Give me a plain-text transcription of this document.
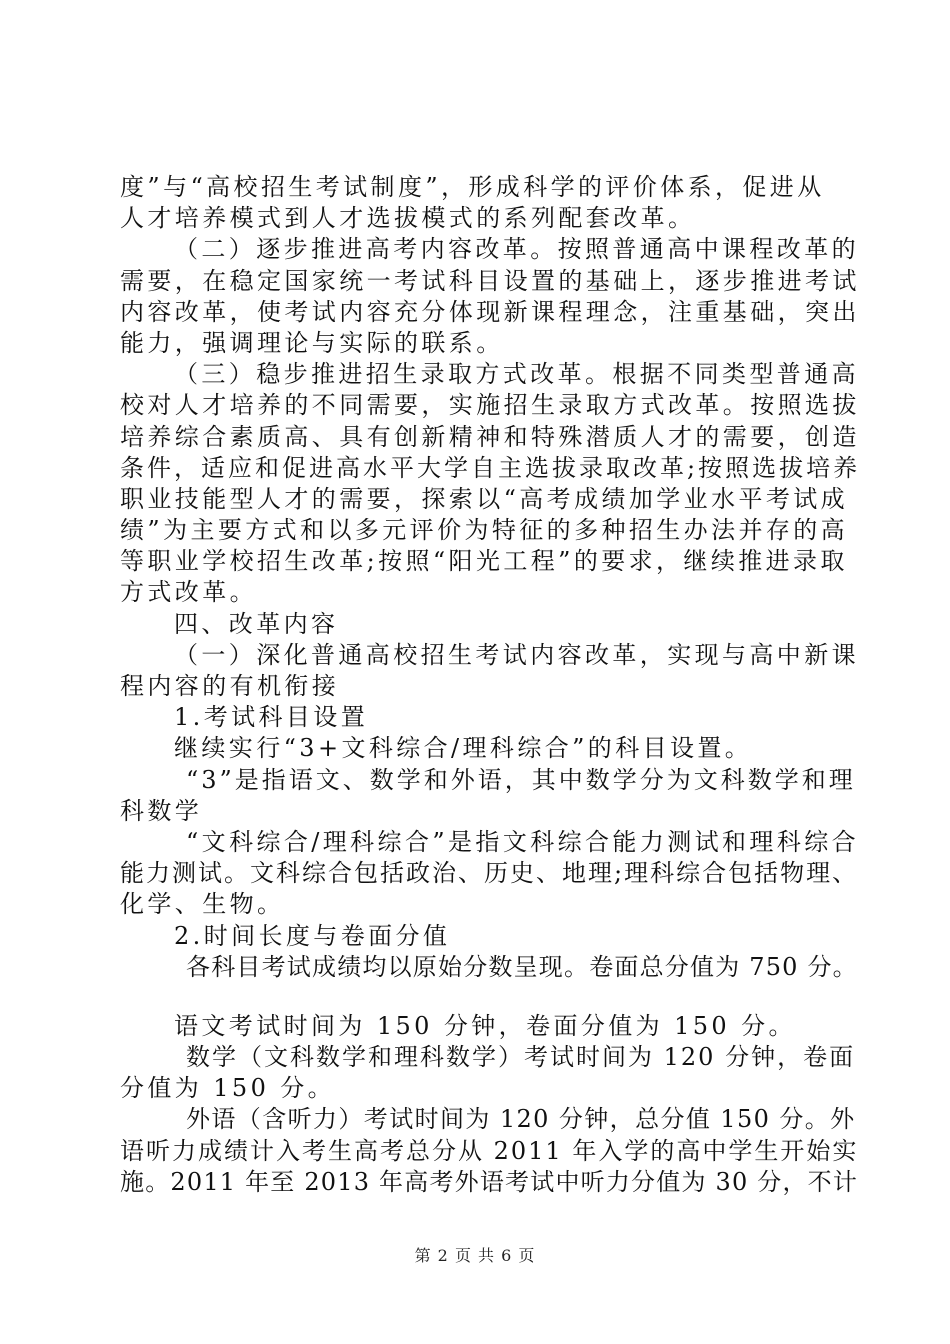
度”与“高校招生考试制度”，形成科学的评价体系，促进从
人才培养模式到人才选拔模式的系列配套改革。
（二）逐步推进高考内容改革。按照普通高中课程改革的
需要，在稳定国家统一考试科目设置的基础上，逐步推进考试
内容改革，使考试内容充分体现新课程理念，注重基础，突出
能力，强调理论与实际的联系。
（三）稳步推进招生录取方式改革。根据不同类型普通高
校对人才培养的不同需要，实施招生录取方式改革。按照选拔
培养综合素质高、具有创新精神和特殊潜质人才的需要，创造
条件，适应和促进高水平大学自主选拔录取改革;按照选拔培养
职业技能型人才的需要，探索以“高考成绩加学业水平考试成
绩”为主要方式和以多元评价为特征的多种招生办法并存的高
等职业学校招生改革;按照“阳光工程”的要求，继续推进录取
方式改革。
四、改革内容
（一）深化普通高校招生考试内容改革，实现与高中新课
程内容的有机衔接
1.考试科目设置
继续实行“3+文科综合/理科综合”的科目设置。
“3”是指语文、数学和外语，其中数学分为文科数学和理
科数学
“文科综合/理科综合”是指文科综合能力测试和理科综合
能力测试。文科综合包括政治、历史、地理;理科综合包括物理、
化学、生物。
2.时间长度与卷面分值
各科目考试成绩均以原始分数呈现。卷面总分值为 750 分。
语文考试时间为 150 分钟，卷面分值为 150 分。
数学（文科数学和理科数学）考试时间为 120 分钟，卷面
分值为 150 分。
外语（含听力）考试时间为 120 分钟，总分值 150 分。外
语听力成绩计入考生高考总分从 2011 年入学的高中学生开始实
施。2011 年至 2013 年高考外语考试中听力分值为 30 分，不计
第 2 页 共 6 页
